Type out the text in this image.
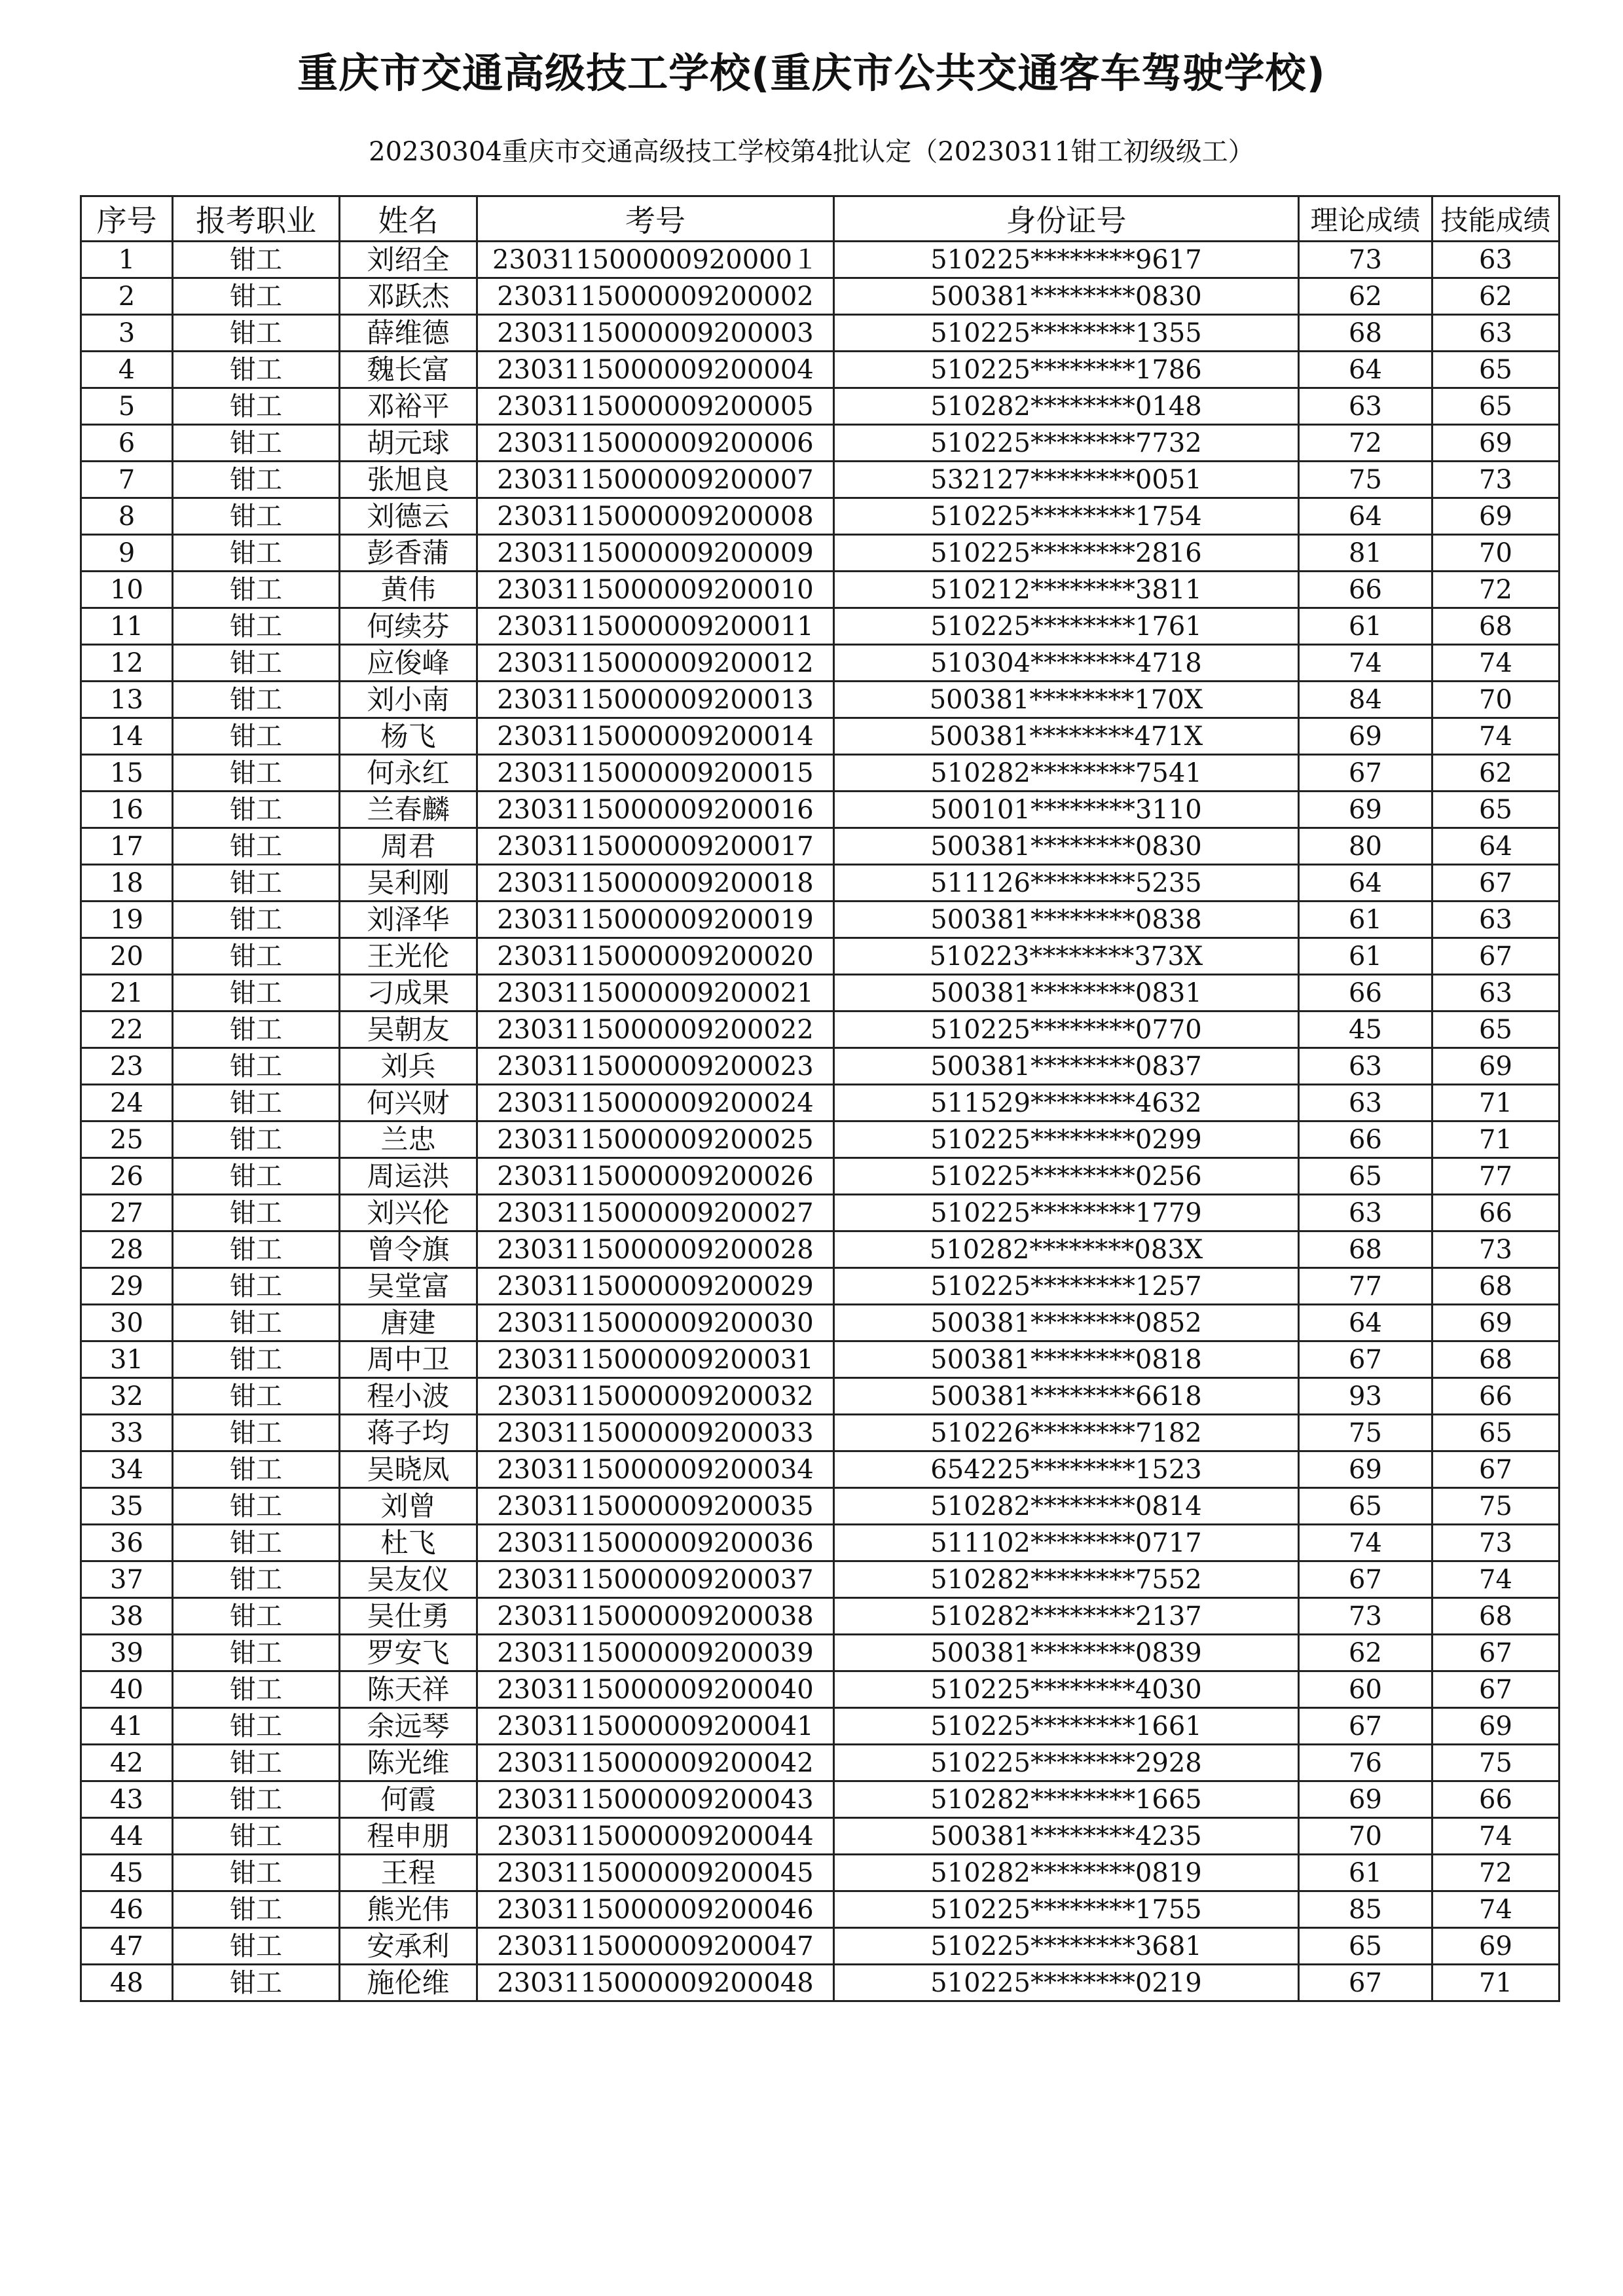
重庆市交通高级技工学校(重庆市公共交通客车驾驶学校)
20230304重庆市交通高级技工学校第4批认定（20230311钳工初级级工）
序号	报考职业	姓名	考号	身份证号	理论成绩	技能成绩
1	钳工	刘绍全	230311500000920000１	510225********9617	73	63
2	钳工	邓跃杰	2303115000009200002	500381********0830	62	62
3	钳工	薛维德	2303115000009200003	510225********1355	68	63
4	钳工	魏长富	2303115000009200004	510225********1786	64	65
5	钳工	邓裕平	2303115000009200005	510282********0148	63	65
6	钳工	胡元球	2303115000009200006	510225********7732	72	69
7	钳工	张旭良	2303115000009200007	532127********0051	75	73
8	钳工	刘德云	2303115000009200008	510225********1754	64	69
9	钳工	彭香蒲	2303115000009200009	510225********2816	81	70
10	钳工	黄伟	2303115000009200010	510212********3811	66	72
11	钳工	何续芬	2303115000009200011	510225********1761	61	68
12	钳工	应俊峰	2303115000009200012	510304********4718	74	74
13	钳工	刘小南	2303115000009200013	500381********170X	84	70
14	钳工	杨飞	2303115000009200014	500381********471X	69	74
15	钳工	何永红	2303115000009200015	510282********7541	67	62
16	钳工	兰春麟	2303115000009200016	500101********3110	69	65
17	钳工	周君	2303115000009200017	500381********0830	80	64
18	钳工	吴利刚	2303115000009200018	511126********5235	64	67
19	钳工	刘泽华	2303115000009200019	500381********0838	61	63
20	钳工	王光伦	2303115000009200020	510223********373X	61	67
21	钳工	刁成果	2303115000009200021	500381********0831	66	63
22	钳工	吴朝友	2303115000009200022	510225********0770	45	65
23	钳工	刘兵	2303115000009200023	500381********0837	63	69
24	钳工	何兴财	2303115000009200024	511529********4632	63	71
25	钳工	兰忠	2303115000009200025	510225********0299	66	71
26	钳工	周运洪	2303115000009200026	510225********0256	65	77
27	钳工	刘兴伦	2303115000009200027	510225********1779	63	66
28	钳工	曾令旗	2303115000009200028	510282********083X	68	73
29	钳工	吴堂富	2303115000009200029	510225********1257	77	68
30	钳工	唐建	2303115000009200030	500381********0852	64	69
31	钳工	周中卫	2303115000009200031	500381********0818	67	68
32	钳工	程小波	2303115000009200032	500381********6618	93	66
33	钳工	蒋子均	2303115000009200033	510226********7182	75	65
34	钳工	吴晓凤	2303115000009200034	654225********1523	69	67
35	钳工	刘曾	2303115000009200035	510282********0814	65	75
36	钳工	杜飞	2303115000009200036	511102********0717	74	73
37	钳工	吴友仪	2303115000009200037	510282********7552	67	74
38	钳工	吴仕勇	2303115000009200038	510282********2137	73	68
39	钳工	罗安飞	2303115000009200039	500381********0839	62	67
40	钳工	陈天祥	2303115000009200040	510225********4030	60	67
41	钳工	余远琴	2303115000009200041	510225********1661	67	69
42	钳工	陈光维	2303115000009200042	510225********2928	76	75
43	钳工	何霞	2303115000009200043	510282********1665	69	66
44	钳工	程申朋	2303115000009200044	500381********4235	70	74
45	钳工	王程	2303115000009200045	510282********0819	61	72
46	钳工	熊光伟	2303115000009200046	510225********1755	85	74
47	钳工	安承利	2303115000009200047	510225********3681	65	69
48	钳工	施伦维	2303115000009200048	510225********0219	67	71
